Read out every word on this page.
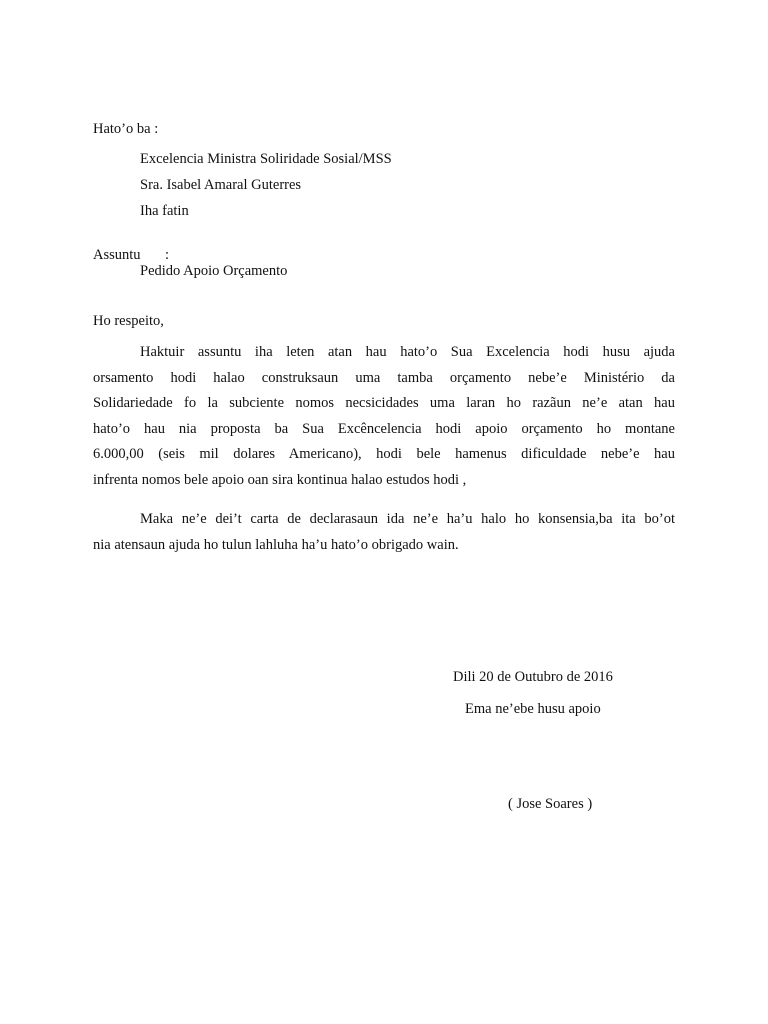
Hato’o ba :
Excelencia Ministra Soliridade Sosial/MSS
Sra. Isabel Amaral Guterres
Iha fatin
Assuntu :
Pedido Apoio Orçamento
Ho respeito,
Haktuir assuntu iha leten atan hau hato’o Sua Excelencia hodi husu ajuda
orsamento hodi halao construksaun uma tamba orçamento nebe’e Ministério da
Solidariedade fo la subciente nomos necsicidades uma laran ho razãun ne’e atan hau
hato’o hau nia proposta ba Sua Excêncelencia hodi apoio orçamento ho montane
6.000,00 (seis mil dolares Americano), hodi bele hamenus dificuldade nebe’e hau
infrenta nomos bele apoio oan sira kontinua halao estudos hodi ,
Maka ne’e dei’t carta de declarasaun ida ne’e ha’u halo ho konsensia,ba ita bo’ot
nia atensaun ajuda ho tulun lahluha ha’u hato’o obrigado wain.
Dili 20 de Outubro de 2016
Ema ne’ebe husu apoio
( Jose Soares )
